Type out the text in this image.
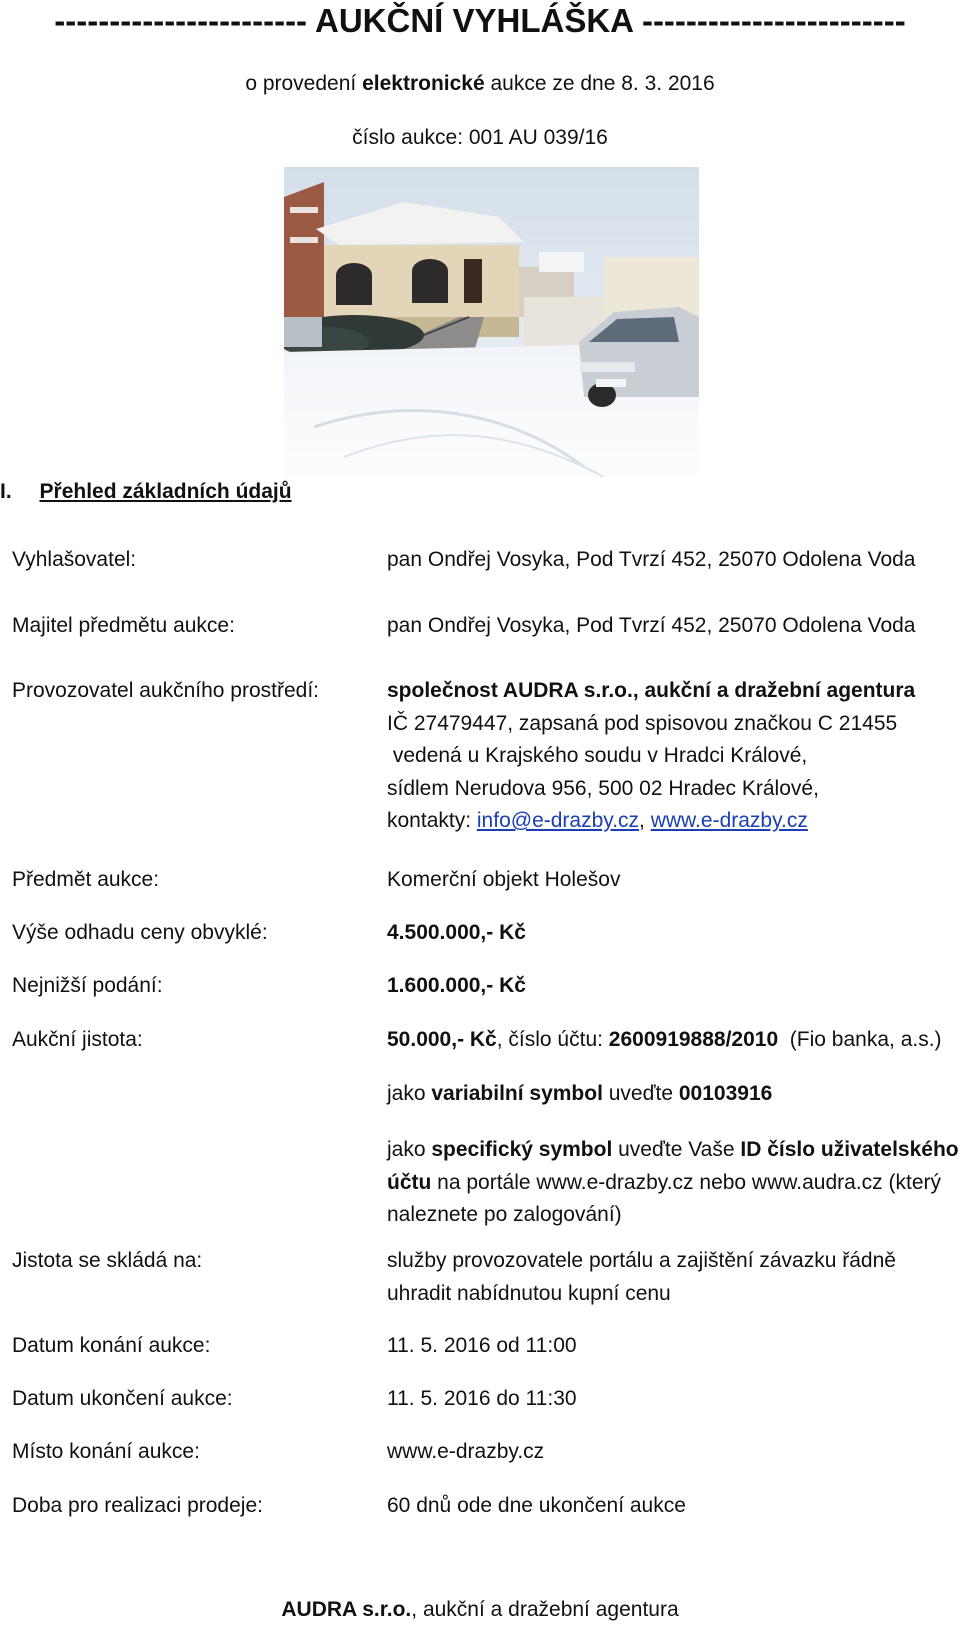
----------------------- AUKČNÍ VYHLÁŠKA ------------------------
o provedení elektronické aukce ze dne 8. 3. 2016
číslo aukce: 001 AU 039/16
I. Přehled základních údajů
Vyhlašovatel:	pan Ondřej Vosyka, Pod Tvrzí 452, 25070 Odolena Voda
Majitel předmětu aukce:	pan Ondřej Vosyka, Pod Tvrzí 452, 25070 Odolena Voda
Provozovatel aukčního prostředí:	společnost AUDRA s.r.o., aukční a dražební agentura
IČ 27479447, zapsaná pod spisovou značkou C 21455
vedená u Krajského soudu v Hradci Králové,
sídlem Nerudova 956, 500 02 Hradec Králové,
kontakty: info@e-drazby.cz, www.e-drazby.cz
Předmět aukce:	Komerční objekt Holešov
Výše odhadu ceny obvyklé:	4.500.000,- Kč
Nejnižší podání:	1.600.000,- Kč
Aukční jistota:	50.000,- Kč, číslo účtu: 2600919888/2010  (Fio banka, a.s.)
jako variabilní symbol uveďte 00103916
jako specifický symbol uveďte Vaše ID číslo uživatelského
účtu na portále www.e-drazby.cz nebo www.audra.cz (který
naleznete po zalogování)
Jistota se skládá na:	služby provozovatele portálu a zajištění závazku řádně
uhradit nabídnutou kupní cenu
Datum konání aukce:	11. 5. 2016 od 11:00
Datum ukončení aukce:	11. 5. 2016 do 11:30
Místo konání aukce:	www.e-drazby.cz
Doba pro realizaci prodeje:	60 dnů ode dne ukončení aukce
AUDRA s.r.o., aukční a dražební agentura
